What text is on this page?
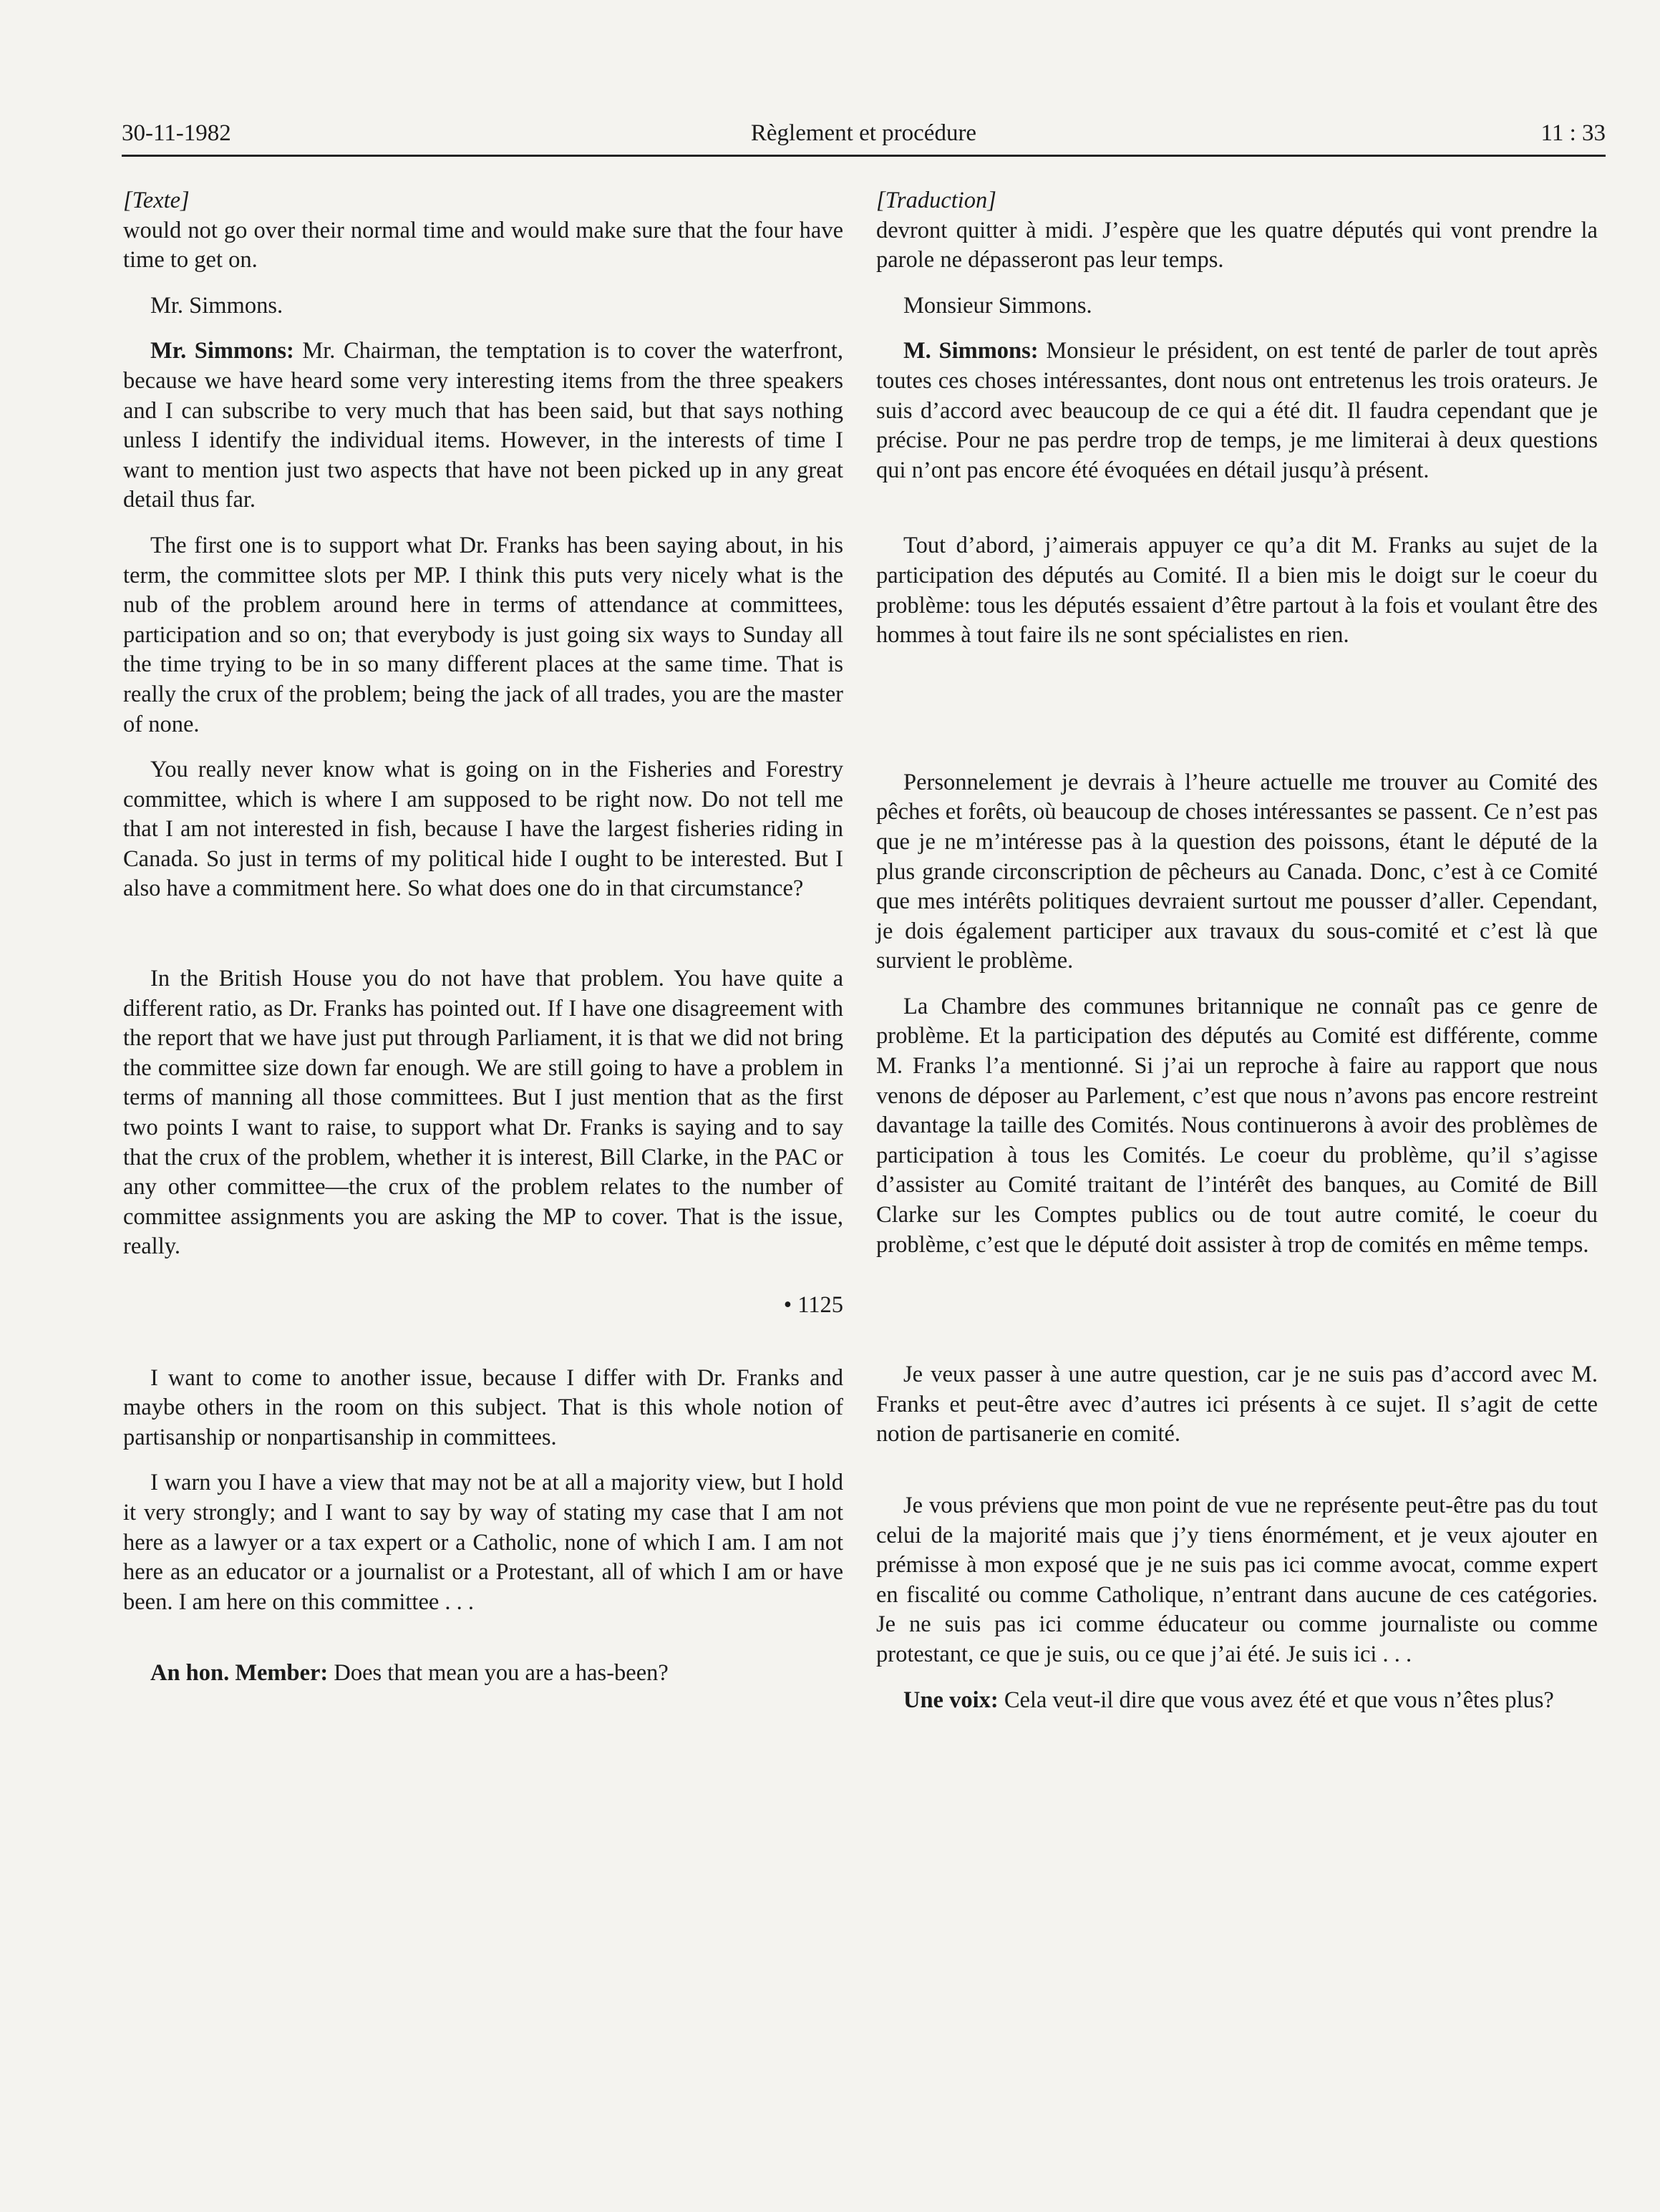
30-11-1982	Règlement et procédure	11 : 33

[Texte]

would not go over their normal time and would make sure that the four have time to get on.

Mr. Simmons.

Mr. Simmons: Mr. Chairman, the temptation is to cover the waterfront, because we have heard some very interesting items from the three speakers and I can subscribe to very much that has been said, but that says nothing unless I identify the individual items. However, in the interests of time I want to mention just two aspects that have not been picked up in any great detail thus far.

The first one is to support what Dr. Franks has been saying about, in his term, the committee slots per MP. I think this puts very nicely what is the nub of the problem around here in terms of attendance at committees, participation and so on; that everybody is just going six ways to Sunday all the time trying to be in so many different places at the same time. That is really the crux of the problem; being the jack of all trades, you are the master of none.

You really never know what is going on in the Fisheries and Forestry committee, which is where I am supposed to be right now. Do not tell me that I am not interested in fish, because I have the largest fisheries riding in Canada. So just in terms of my political hide I ought to be interested. But I also have a commitment here. So what does one do in that circumstance?

In the British House you do not have that problem. You have quite a different ratio, as Dr. Franks has pointed out. If I have one disagreement with the report that we have just put through Parliament, it is that we did not bring the committee size down far enough. We are still going to have a problem in terms of manning all those committees. But I just mention that as the first two points I want to raise, to support what Dr. Franks is saying and to say that the crux of the problem, whether it is interest, Bill Clarke, in the PAC or any other committee—the crux of the problem relates to the number of committee assignments you are asking the MP to cover. That is the issue, really.

• 1125

I want to come to another issue, because I differ with Dr. Franks and maybe others in the room on this subject. That is this whole notion of partisanship or nonpartisanship in committees.

I warn you I have a view that may not be at all a majority view, but I hold it very strongly; and I want to say by way of stating my case that I am not here as a lawyer or a tax expert or a Catholic, none of which I am. I am not here as an educator or a journalist or a Protestant, all of which I am or have been. I am here on this committee . . .

An hon. Member: Does that mean you are a has-been?

[Traduction]

devront quitter à midi. J’espère que les quatre députés qui vont prendre la parole ne dépasseront pas leur temps.

Monsieur Simmons.

M. Simmons: Monsieur le président, on est tenté de parler de tout après toutes ces choses intéressantes, dont nous ont entretenus les trois orateurs. Je suis d’accord avec beaucoup de ce qui a été dit. Il faudra cependant que je précise. Pour ne pas perdre trop de temps, je me limiterai à deux questions qui n’ont pas encore été évoquées en détail jusqu’à présent.

Tout d’abord, j’aimerais appuyer ce qu’a dit M. Franks au sujet de la participation des députés au Comité. Il a bien mis le doigt sur le coeur du problème: tous les députés essaient d’être partout à la fois et voulant être des hommes à tout faire ils ne sont spécialistes en rien.

Personnelement je devrais à l’heure actuelle me trouver au Comité des pêches et forêts, où beaucoup de choses intéressantes se passent. Ce n’est pas que je ne m’intéresse pas à la question des poissons, étant le député de la plus grande circonscription de pêcheurs au Canada. Donc, c’est à ce Comité que mes intérêts politiques devraient surtout me pousser d’aller. Cependant, je dois également participer aux travaux du sous-comité et c’est là que survient le problème.

La Chambre des communes britannique ne connaît pas ce genre de problème. Et la participation des députés au Comité est différente, comme M. Franks l’a mentionné. Si j’ai un reproche à faire au rapport que nous venons de déposer au Parlement, c’est que nous n’avons pas encore restreint davantage la taille des Comités. Nous continuerons à avoir des problèmes de participation à tous les Comités. Le coeur du problème, qu’il s’agisse d’assister au Comité traitant de l’intérêt des banques, au Comité de Bill Clarke sur les Comptes publics ou de tout autre comité, le coeur du problème, c’est que le député doit assister à trop de comités en même temps.

Je veux passer à une autre question, car je ne suis pas d’accord avec M. Franks et peut-être avec d’autres ici présents à ce sujet. Il s’agit de cette notion de partisanerie en comité.

Je vous préviens que mon point de vue ne représente peut-être pas du tout celui de la majorité mais que j’y tiens énormément, et je veux ajouter en prémisse à mon exposé que je ne suis pas ici comme avocat, comme expert en fiscalité ou comme Catholique, n’entrant dans aucune de ces catégories. Je ne suis pas ici comme éducateur ou comme journaliste ou comme protestant, ce que je suis, ou ce que j’ai été. Je suis ici . . .

Une voix: Cela veut-il dire que vous avez été et que vous n’êtes plus?
